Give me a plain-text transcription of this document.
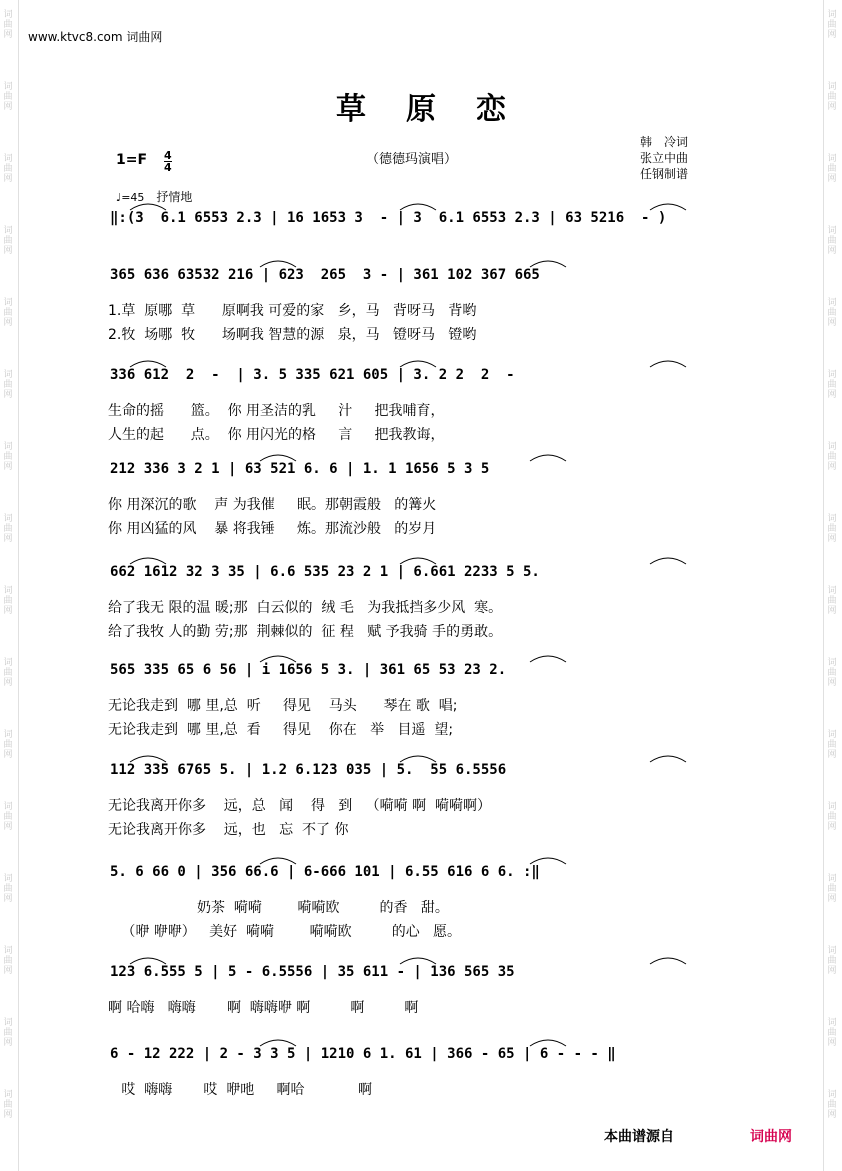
词
曲
网
词
曲
网
词
曲
网
词
曲
网
词
曲
网
词
曲
网
词
曲
网
词
曲
网
词
曲
网
词
曲
网
词
曲
网
词
曲
网
词
曲
网
词
曲
网
词
曲
网
词
曲
网
词
曲
网
词
曲
网
词
曲
网
词
曲
网
词
曲
网
词
曲
网
词
曲
网
词
曲
网
词
曲
网
词
曲
网
词
曲
网
词
曲
网
词
曲
网
词
曲
网
词
曲
网
词
曲
网
www.ktvc8.com 词曲网
草原恋
（德德玛演唱）
韩　冷词
张立中曲
任钢制谱
$1=F \frac{4}{4}$
♩=45 抒情地
‖:(3  6.1 6553 2.3 | 16 1653 3  - | 3  6.1 6553 2.3 | 63 5216  - )
365 636 63532 216 | 623  265  3 - | 361 102 367 665
1.草  原哪  草      原啊我 可爱的家   乡，马   背呀马   背哟
2.牧  场哪  牧      场啊我 智慧的源   泉，马   镫呀马   镫哟
336 612  2  -  | 3. 5 335 621 605 | 3. 2 2  2  -
生命的摇      篮。  你 用圣洁的乳     汁     把我哺育，
人生的起      点。  你 用闪光的格     言     把我教诲，
212 336 3 2 1 | 63 521 6. 6 | 1. 1 1656 5 3 5
你 用深沉的歌    声 为我催     眠。那朝霞般   的篝火
你 用凶猛的风    暴 将我锤     炼。那流沙般   的岁月
662 1612 32 3 35 | 6.6 535 23 2 1 | 6.661 2233 5 5.
给了我无 限的温 暖;那  白云似的  绒 毛   为我抵挡多少风  寒。
给了我牧 人的勤 劳;那  荆棘似的  征 程   赋 予我骑 手的勇敢。
565 335 65 6 56 | i 1656 5 3. | 361 65 53 23 2.
无论我走到  哪 里,总  听     得见    马头      琴在 歌  唱;
无论我走到  哪 里,总  看     得见    你在   举   目遥  望;
112 335 6765 5. | 1.2 6.123 035 | 5.  55 6.5556
无论我离开你多    远，总   闻    得   到   （嗬嗬 啊  嗬嗬啊）
无论我离开你多    远，也   忘  不了 你
5. 6 66 0 | 356 66.6 | 6-666 101 | 6.55 616 6 6. :‖
奶茶  嗬嗬        嗬嗬欧         的香   甜。
（咿 咿咿）   美好  嗬嗬        嗬嗬欧         的心   愿。
123 6.555 5 | 5 - 6.5556 | 35 611 - | 136 565 35
啊 哈嗨   嗨嗨       啊  嗨嗨咿 啊         啊         啊
6 - 12 222 | 2 - 3 3 5 | 1210 6 1. 61 | 366 - 65 | 6 - - - ‖
哎  嗨嗨       哎  咿吔     啊哈            啊
本曲谱源自	词曲网
